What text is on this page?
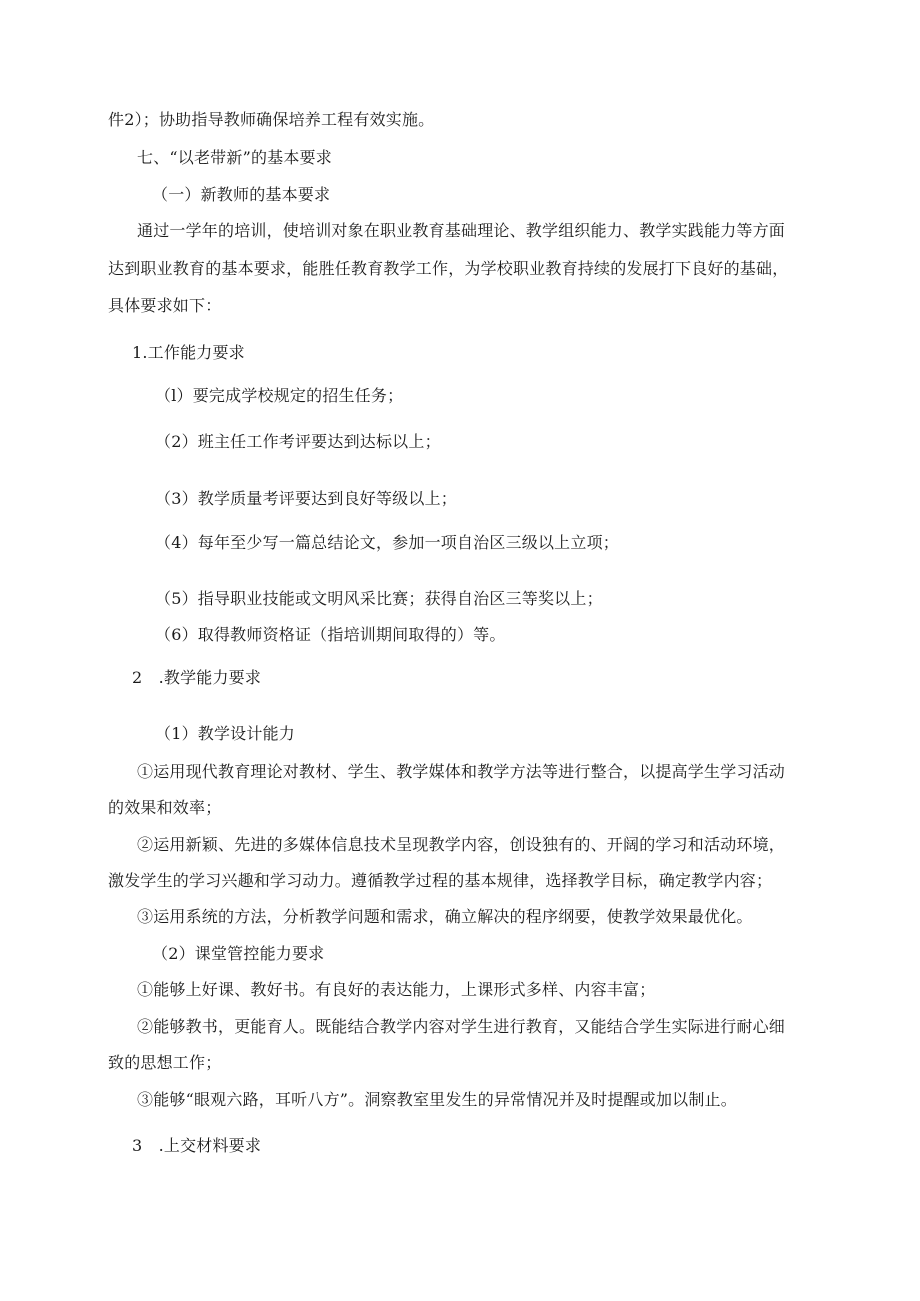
件2）；协助指导教师确保培养工程有效实施。
七、“以老带新”的基本要求
（一）新教师的基本要求
通过一学年的培训，使培训对象在职业教育基础理论、教学组织能力、教学实践能力等方面
达到职业教育的基本要求，能胜任教育教学工作，为学校职业教育持续的发展打下良好的基础，
具体要求如下：
1.工作能力要求
（l）要完成学校规定的招生任务；
（2）班主任工作考评要达到达标以上；
（3）教学质量考评要达到良好等级以上；
（4）每年至少写一篇总结论文，参加一项自治区三级以上立项；
（5）指导职业技能或文明风采比赛；获得自治区三等奖以上；
（6）取得教师资格证（指培训期间取得的）等。
2　.教学能力要求
（1）教学设计能力
①运用现代教育理论对教材、学生、教学媒体和教学方法等进行整合，以提高学生学习活动
的效果和效率；
②运用新颖、先进的多媒体信息技术呈现教学内容，创设独有的、开阔的学习和活动环境，
激发学生的学习兴趣和学习动力。遵循教学过程的基本规律，选择教学目标，确定教学内容；
③运用系统的方法，分析教学问题和需求，确立解决的程序纲要，使教学效果最优化。
（2）课堂管控能力要求
①能够上好课、教好书。有良好的表达能力，上课形式多样、内容丰富；
②能够教书，更能育人。既能结合教学内容对学生进行教育，又能结合学生实际进行耐心细
致的思想工作；
③能够“眼观六路，耳听八方”。洞察教室里发生的异常情况并及时提醒或加以制止。
3　.上交材料要求
